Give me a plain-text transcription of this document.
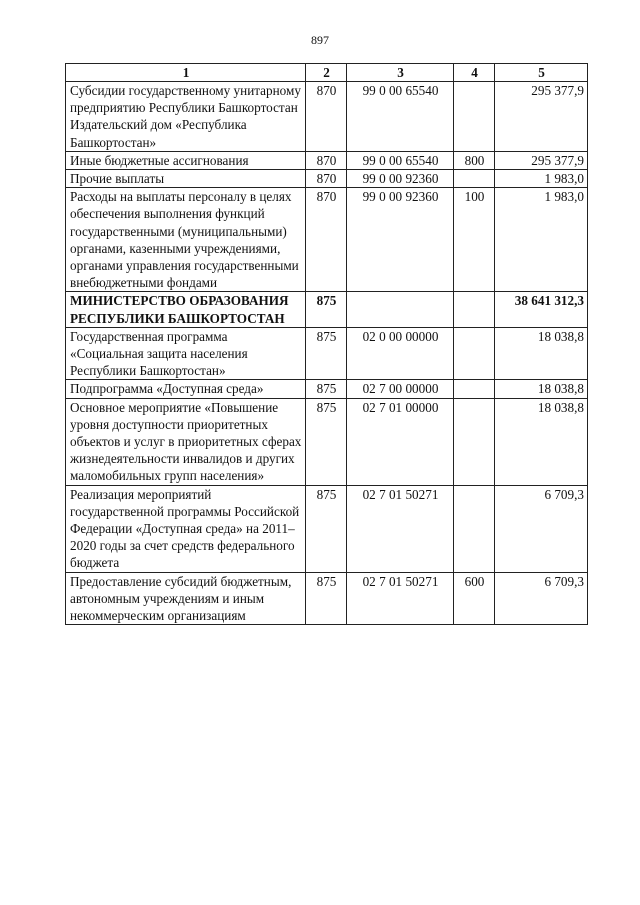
897
1	2	3	4	5
Субсидии государственному унитарному предприятию Республики Башкортостан Издательский дом «Республика Башкортостан»	870	99 0 00 65540		295 377,9
Иные бюджетные ассигнования	870	99 0 00 65540	800	295 377,9
Прочие выплаты	870	99 0 00 92360		1 983,0
Расходы на выплаты персоналу в целях обеспечения выполнения функций государственными (муниципальными) органами, казенными учреждениями, органами управления государственными внебюджетными фондами	870	99 0 00 92360	100	1 983,0
МИНИСТЕРСТВО ОБРАЗОВАНИЯ РЕСПУБЛИКИ БАШКОРТОСТАН	875			38 641 312,3
Государственная программа «Социальная защита населения Республики Башкортостан»	875	02 0 00 00000		18 038,8
Подпрограмма «Доступная среда»	875	02 7 00 00000		18 038,8
Основное мероприятие «Повышение уровня доступности приоритетных объектов и услуг в приоритетных сферах жизнедеятельности инвалидов и других маломобильных групп населения»	875	02 7 01 00000		18 038,8
Реализация мероприятий государственной программы Российской Федерации «Доступная среда» на 2011–2020 годы за счет средств федерального бюджета	875	02 7 01 50271		6 709,3
Предоставление субсидий бюджетным, автономным учреждениям и иным некоммерческим организациям	875	02 7 01 50271	600	6 709,3
